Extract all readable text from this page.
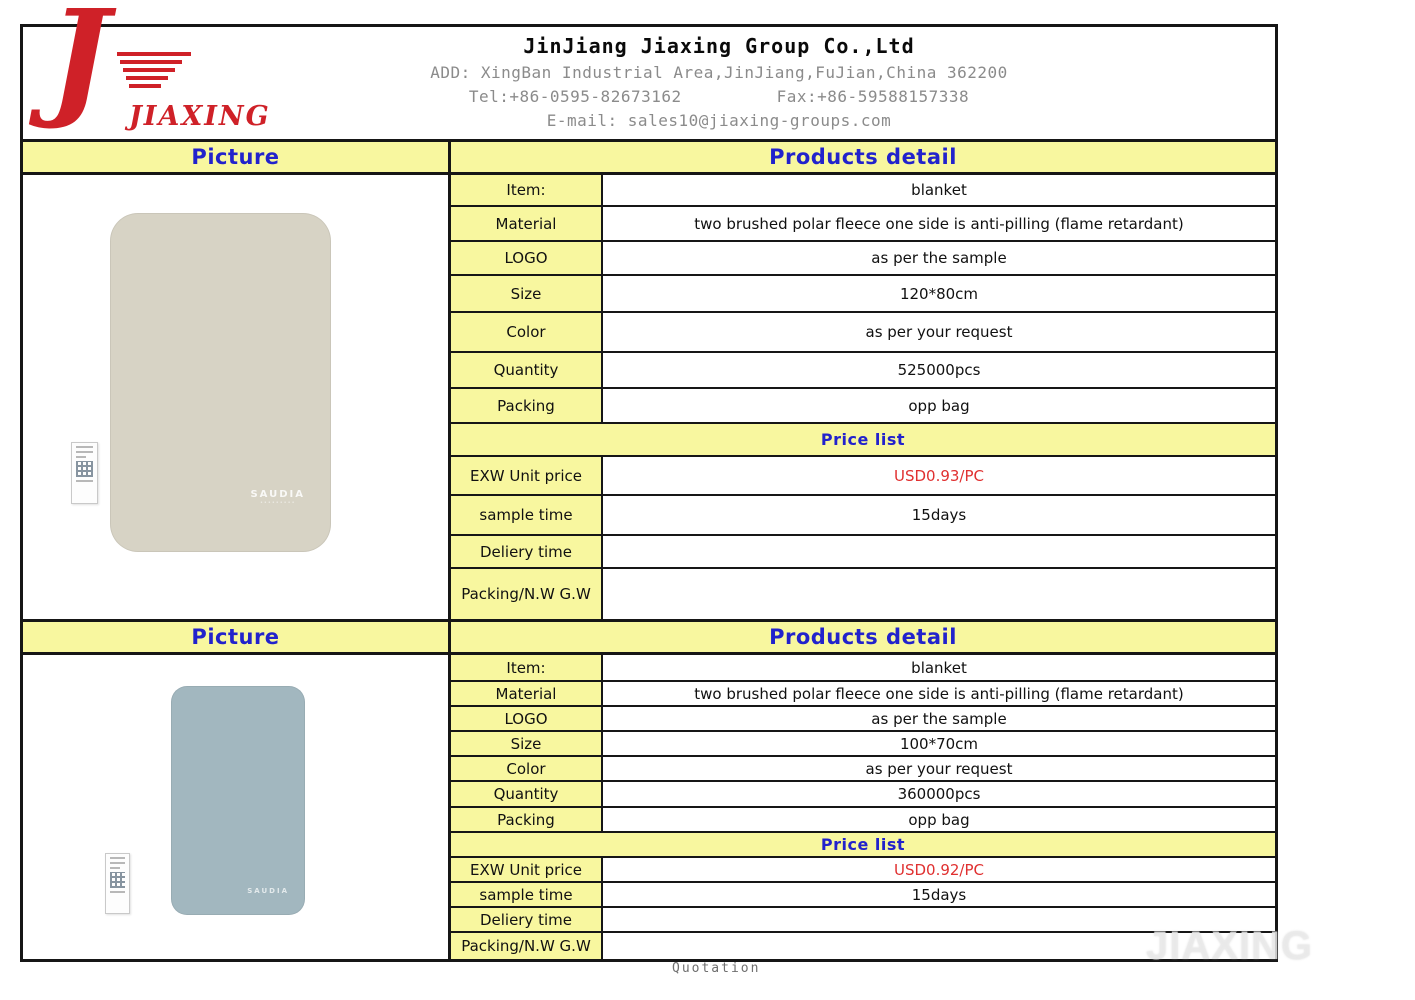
J JIAXING
JinJiang Jiaxing Group Co.,Ltd
ADD: XingBan Industrial Area,JinJiang,FuJian,China 362200
Tel:+86-0595-82673162	Fax:+86-59588157338
E-mail: sales10@jiaxing-groups.com
Picture	Products detail
SAUDIA
•••••••••
Item:	blanket
Material	two brushed polar fleece one side is anti-pilling (flame retardant)
LOGO	as per the sample
Size	120*80cm
Color	as per your request
Quantity	525000pcs
Packing	opp bag
Price list
EXW Unit price	USD0.93/PC
sample time	15days
Deliery time
Packing/N.W G.W
Picture	Products detail
SAUDIA
Item:	blanket
Material	two brushed polar fleece one side is anti-pilling (flame retardant)
LOGO	as per the sample
Size	100*70cm
Color	as per your request
Quantity	360000pcs
Packing	opp bag
Price list
EXW Unit price	USD0.92/PC
sample time	15days
Deliery time
Packing/N.W G.W
Quotation
JIAXING
